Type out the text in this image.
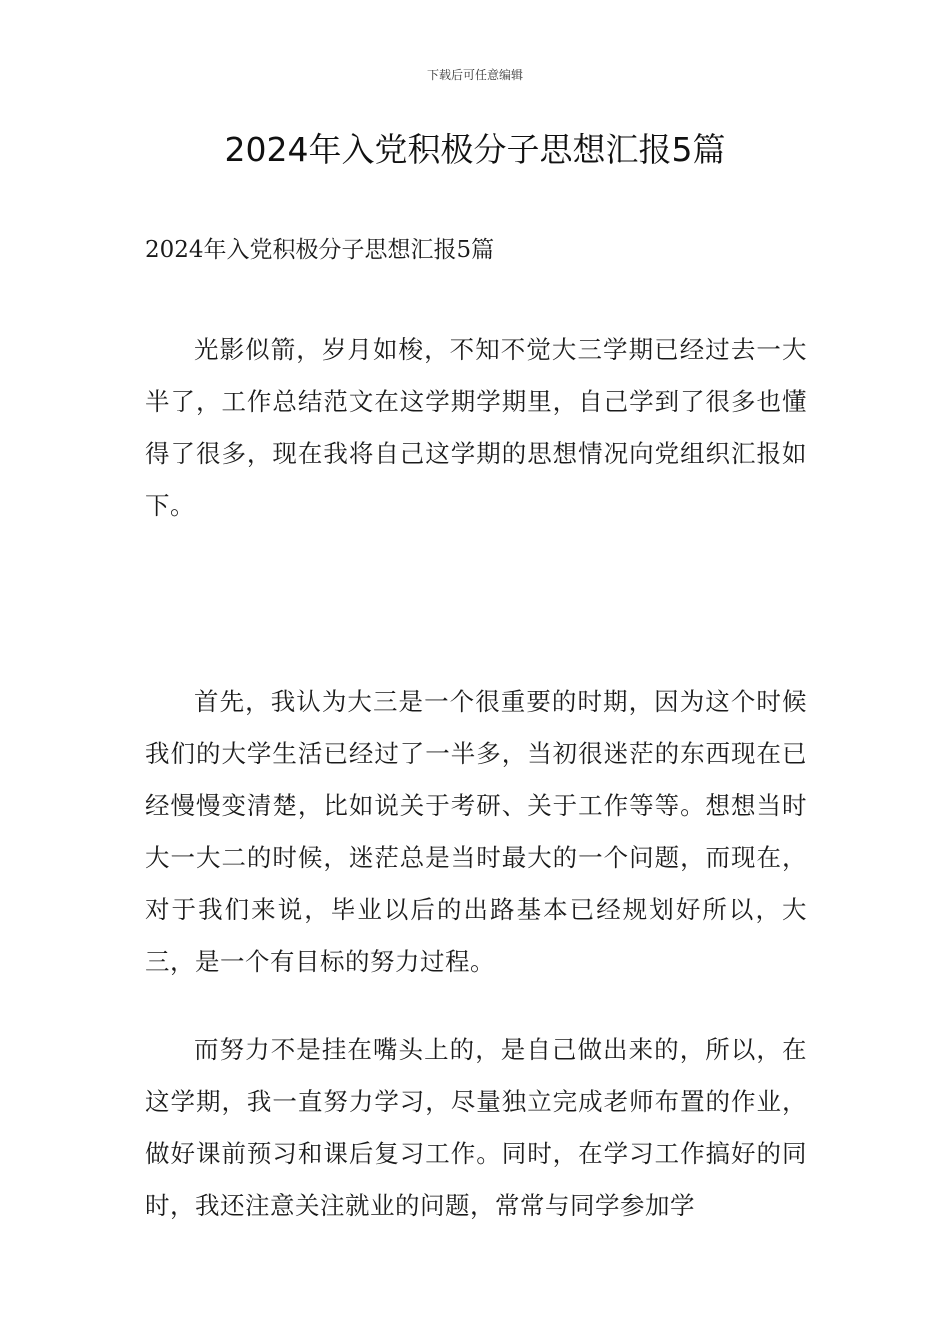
下载后可任意编辑
2024年入党积极分子思想汇报5篇
2024年入党积极分子思想汇报5篇

光影似箭，岁月如梭，不知不觉大三学期已经过去一大半了，工作总结范文在这学期学期里，自己学到了很多也懂得了很多，现在我将自己这学期的思想情况向党组织汇报如下。

首先，我认为大三是一个很重要的时期，因为这个时候我们的大学生活已经过了一半多，当初很迷茫的东西现在已经慢慢变清楚，比如说关于考研、关于工作等等。想想当时大一大二的时候，迷茫总是当时最大的一个问题，而现在，对于我们来说，毕业以后的出路基本已经规划好所以，大三，是一个有目标的努力过程。

而努力不是挂在嘴头上的，是自己做出来的，所以，在这学期，我一直努力学习，尽量独立完成老师布置的作业，做好课前预习和课后复习工作。同时，在学习工作搞好的同时，我还注意关注就业的问题，常常与同学参加学
